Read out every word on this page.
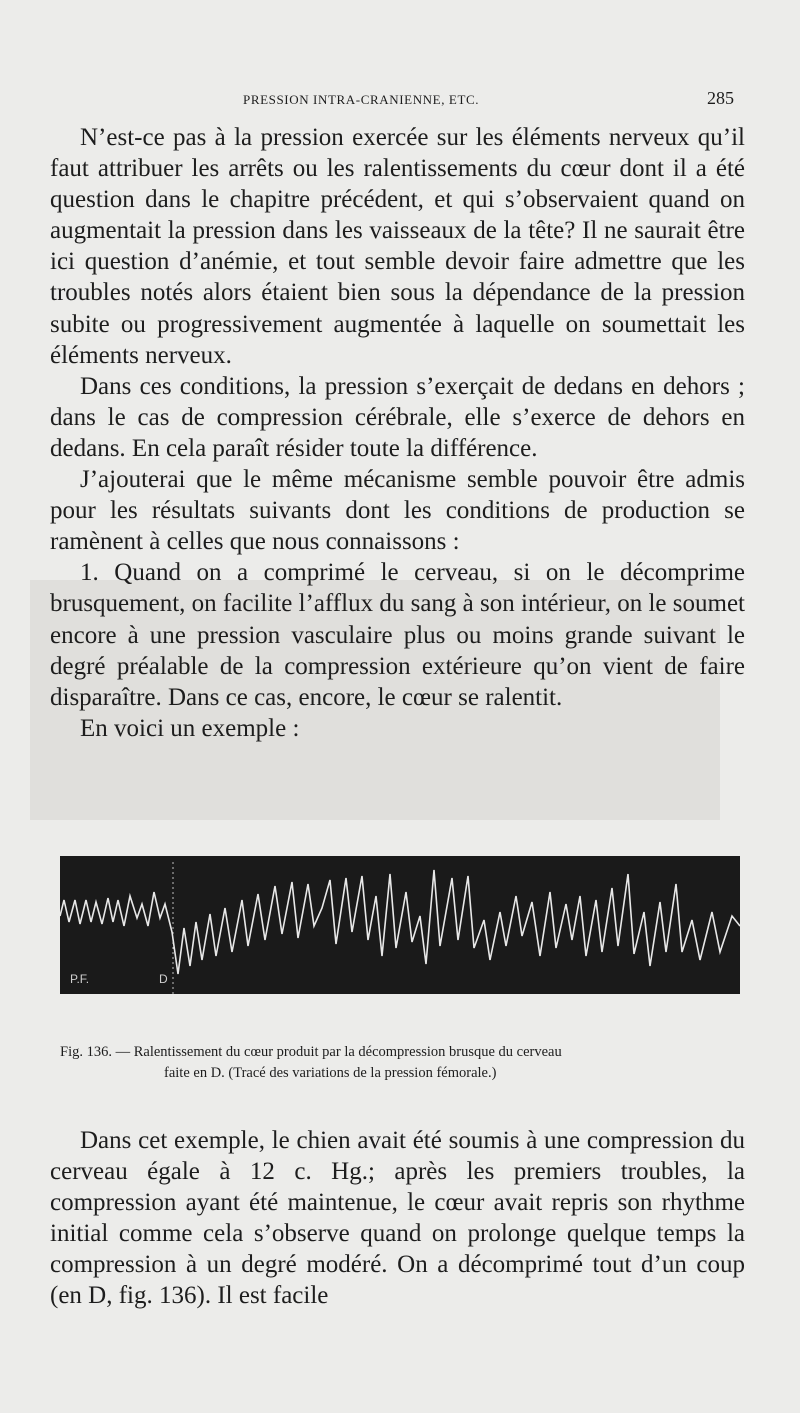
PRESSION INTRA-CRANIENNE, ETC.	285

N’est-ce pas à la pression exercée sur les éléments nerveux qu’il faut attribuer les arrêts ou les ralentissements du cœur dont il a été question dans le chapitre précédent, et qui s’observaient quand on augmentait la pression dans les vaisseaux de la tête? Il ne saurait être ici question d’anémie, et tout semble devoir faire admettre que les troubles notés alors étaient bien sous la dépendance de la pression subite ou progressivement augmentée à laquelle on soumettait les éléments nerveux.

Dans ces conditions, la pression s’exerçait de dedans en dehors ; dans le cas de compression cérébrale, elle s’exerce de dehors en dedans. En cela paraît résider toute la différence.

J’ajouterai que le même mécanisme semble pouvoir être admis pour les résultats suivants dont les conditions de production se ramènent à celles que nous connaissons :

1. Quand on a comprimé le cerveau, si on le décomprime brusquement, on facilite l’afflux du sang à son intérieur, on le soumet encore à une pression vasculaire plus ou moins grande suivant le degré préalable de la compression extérieure qu’on vient de faire disparaître. Dans ce cas, encore, le cœur se ralentit.

En voici un exemple :

P.F.	D
Fig. 136. — Ralentissement du cœur produit par la décompression brusque du cerveau
faite en D. (Tracé des variations de la pression fémorale.)

Dans cet exemple, le chien avait été soumis à une compression du cerveau égale à 12 c. Hg.; après les premiers troubles, la compression ayant été maintenue, le cœur avait repris son rhythme initial comme cela s’observe quand on prolonge quelque temps la compression à un degré modéré. On a décomprimé tout d’un coup (en D, fig. 136). Il est facile
